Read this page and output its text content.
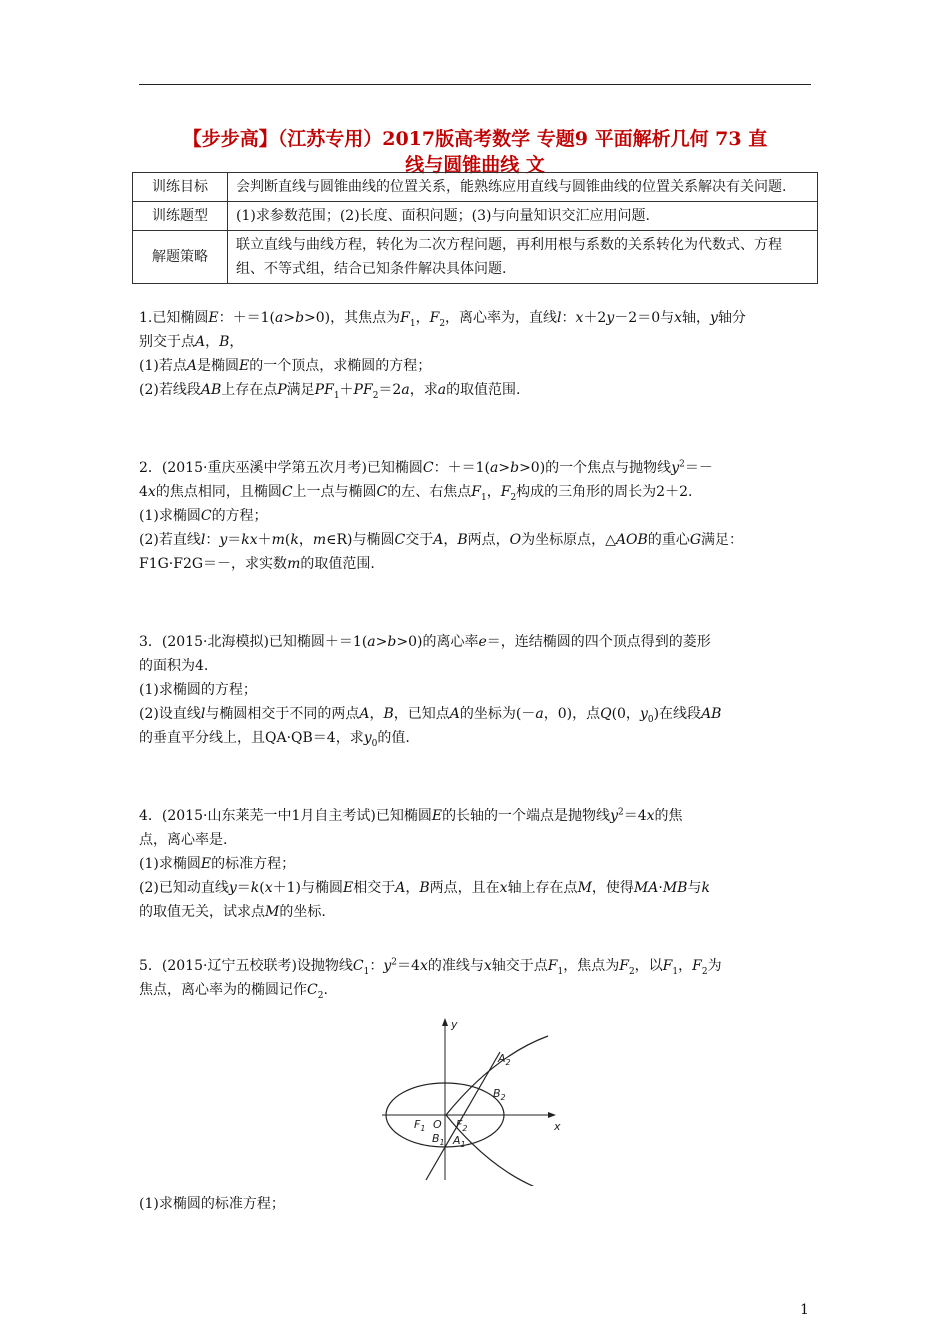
【步步高】（江苏专用）2017版高考数学 专题9 平面解析几何 73 直
线与圆锥曲线 文
训练目标	会判断直线与圆锥曲线的位置关系，能熟练应用直线与圆锥曲线的位置关系解决有关问题.
训练题型	(1)求参数范围；(2)长度、面积问题；(3)与向量知识交汇应用问题.
解题策略	联立直线与曲线方程，转化为二次方程问题，再利用根与系数的关系转化为代数式、方程组、不等式组，结合已知条件解决具体问题.

1.已知椭圆E：＋＝1(a>b>0)，其焦点为$F_1$，$F_2$，离心率为，直线l：x＋2y－2＝0与x轴，y轴分
别交于点A，B，

(1)若点A是椭圆E的一个顶点，求椭圆的方程；

(2)若线段AB上存在点P满足$PF_1+PF_2=2a$，求a的取值范围.

2．(2015·重庆巫溪中学第五次月考)已知椭圆C：＋＝1(a>b>0)的一个焦点与抛物线$y^2=-$
4x的焦点相同，且椭圆C上一点与椭圆C的左、右焦点$F_1$，$F_2$构成的三角形的周长为2＋2.

(1)求椭圆C的方程；

(2)若直线l：y＝kx＋m(k，m∈R)与椭圆C交于A，B两点，O为坐标原点，△AOB的重心G满足：
F1G·F2G＝－，求实数m的取值范围.

3．(2015·北海模拟)已知椭圆＋＝1(a>b>0)的离心率e＝，连结椭圆的四个顶点得到的菱形
的面积为4.

(1)求椭圆的方程；

(2)设直线l与椭圆相交于不同的两点A，B，已知点A的坐标为(－a，0)，点Q(0，$y_0$)在线段AB
的垂直平分线上，且QA·QB＝4，求$y_0$的值.

4．(2015·山东莱芜一中1月自主考试)已知椭圆E的长轴的一个端点是抛物线$y^2=4x$的焦
点，离心率是.

(1)求椭圆E的标准方程；

(2)已知动直线y＝k(x＋1)与椭圆E相交于A，B两点，且在x轴上存在点M，使得MA·MB与k
的取值无关，试求点M的坐标.

5．(2015·辽宁五校联考)设抛物线$C_1$：$y^2=4x$的准线与x轴交于点$F_1$，焦点为$F_2$，以$F_1$，$F_2$为
焦点，离心率为的椭圆记作$C_2$.

y
x
O
$F_1$	$F_2$
$A_1$
$B_1$
$A_2$
$B_2$
(1)求椭圆的标准方程；
1
